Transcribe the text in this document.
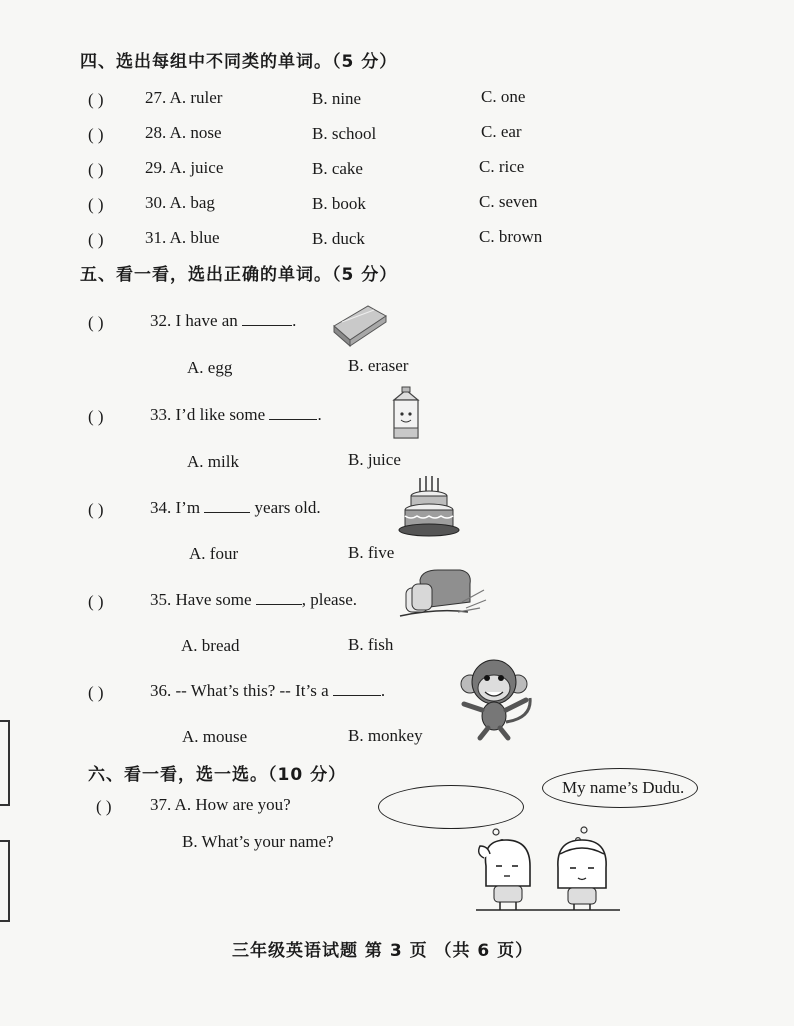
四、选出每组中不同类的单词。（5 分）
( ) 27. A. ruler	B. nine	C. one
( ) 28. A. nose	B. school	C. ear
( ) 29. A. juice	B. cake	C. rice
( ) 30. A. bag	B. book	C. seven
( ) 31. A. blue	B. duck	C. brown
五、看一看，选出正确的单词。（5 分）
( )	32. I have an	.
A. egg	B. eraser
( )	33. I’d like some	.
A. milk	B. juice
( )	34. I’m	years old.
A. four	B. five
( )	35. Have some	, please.
A. bread	B. fish
( )	36. -- What’s this? -- It’s a	.
A. mouse	B. monkey
六、看一看，选一选。（10 分）
( ) 37. A. How are you?
B. What’s your name?
My name’s Dudu.
三年级英语试题 第 3 页 （共 6 页）
